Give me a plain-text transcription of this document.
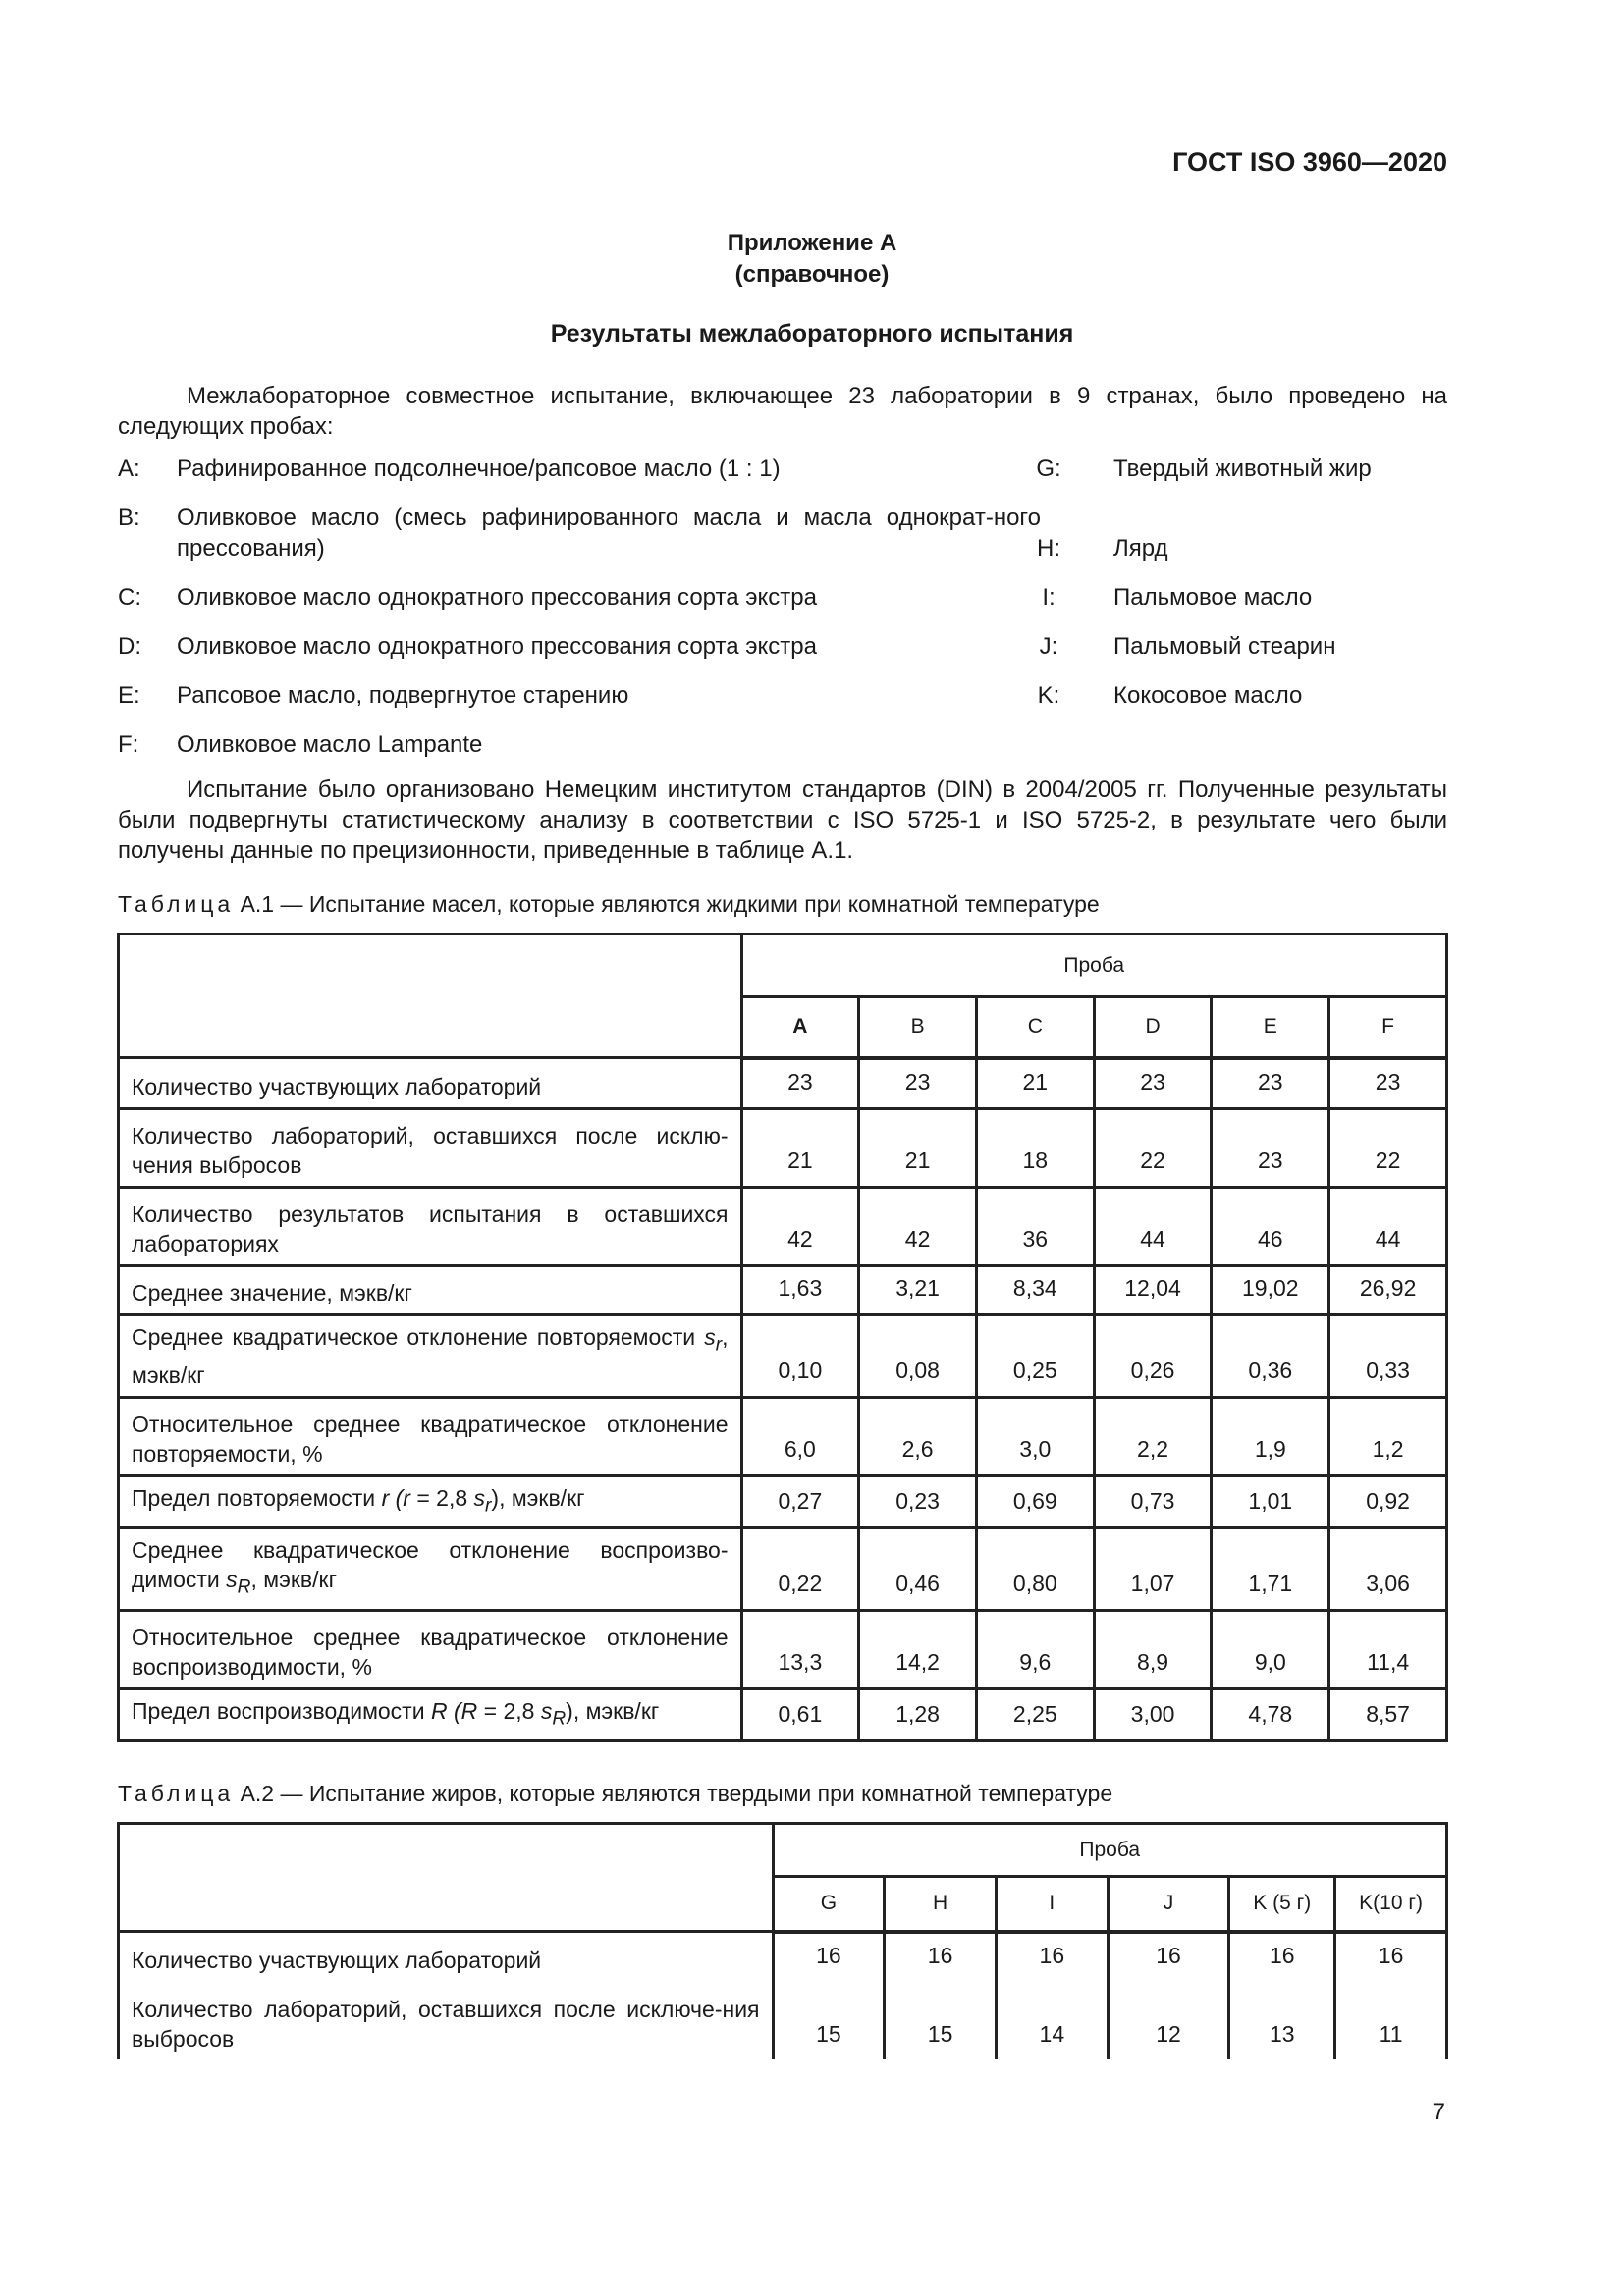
ГОСТ ISO 3960—2020
Приложение А
(справочное)
Результаты межлабораторного испытания
Межлабораторное совместное испытание, включающее 23 лаборатории в 9 странах, было проведено на следующих пробах:
A: Рафинированное подсолнечное/рапсовое масло (1 : 1)
B: Оливковое масло (смесь рафинированного масла и масла однократ-ного прессования)
C: Оливковое масло однократного прессования сорта экстра
D: Оливковое масло однократного прессования сорта экстра
E: Рапсовое масло, подвергнутое старению
F: Оливковое масло Lampante
G:	Твердый животный жир
H:	Лярд
I:	Пальмовое масло
J:	Пальмовый стеарин
K:	Кокосовое масло
Испытание было организовано Немецким институтом стандартов (DIN) в 2004/2005 гг. Полученные результаты были подвергнуты статистическому анализу в соответствии с ISO 5725-1 и ISO 5725-2, в результате чего были получены данные по прецизионности, приведенные в таблице А.1.
Таблица А.1 — Испытание масел, которые являются жидкими при комнатной температуре
	Проба					
	A	B	C	D	E	F
Количество участвующих лабораторий	23	23	21	23	23	23
Количество лабораторий, оставшихся после исклю-чения выбросов	21	21	18	22	23	22
Количество результатов испытания в оставшихся лабораториях	42	42	36	44	46	44
Среднее значение, мэкв/кг	1,63	3,21	8,34	12,04	19,02	26,92
Среднее квадратическое отклонение повторяемости $s_r$, мэкв/кг	0,10	0,08	0,25	0,26	0,36	0,33
Относительное среднее квадратическое отклонение повторяемости, %	6,0	2,6	3,0	2,2	1,9	1,2
Предел повторяемости r (r = 2,8 $s_r$), мэкв/кг	0,27	0,23	0,69	0,73	1,01	0,92
Среднее квадратическое отклонение воспроизво-димости $s_R$, мэкв/кг	0,22	0,46	0,80	1,07	1,71	3,06
Относительное среднее квадратическое отклонение воспроизводимости, %	13,3	14,2	9,6	8,9	9,0	11,4
Предел воспроизводимости R (R = 2,8 $s_R$), мэкв/кг	0,61	1,28	2,25	3,00	4,78	8,57
Таблица А.2 — Испытание жиров, которые являются твердыми при комнатной температуре
	Проба					
	G	H	I	J	K (5 г)	K(10 г)
Количество участвующих лабораторий	16	16	16	16	16	16
Количество лабораторий, оставшихся после исключе-ния выбросов	15	15	14	12	13	11
7
